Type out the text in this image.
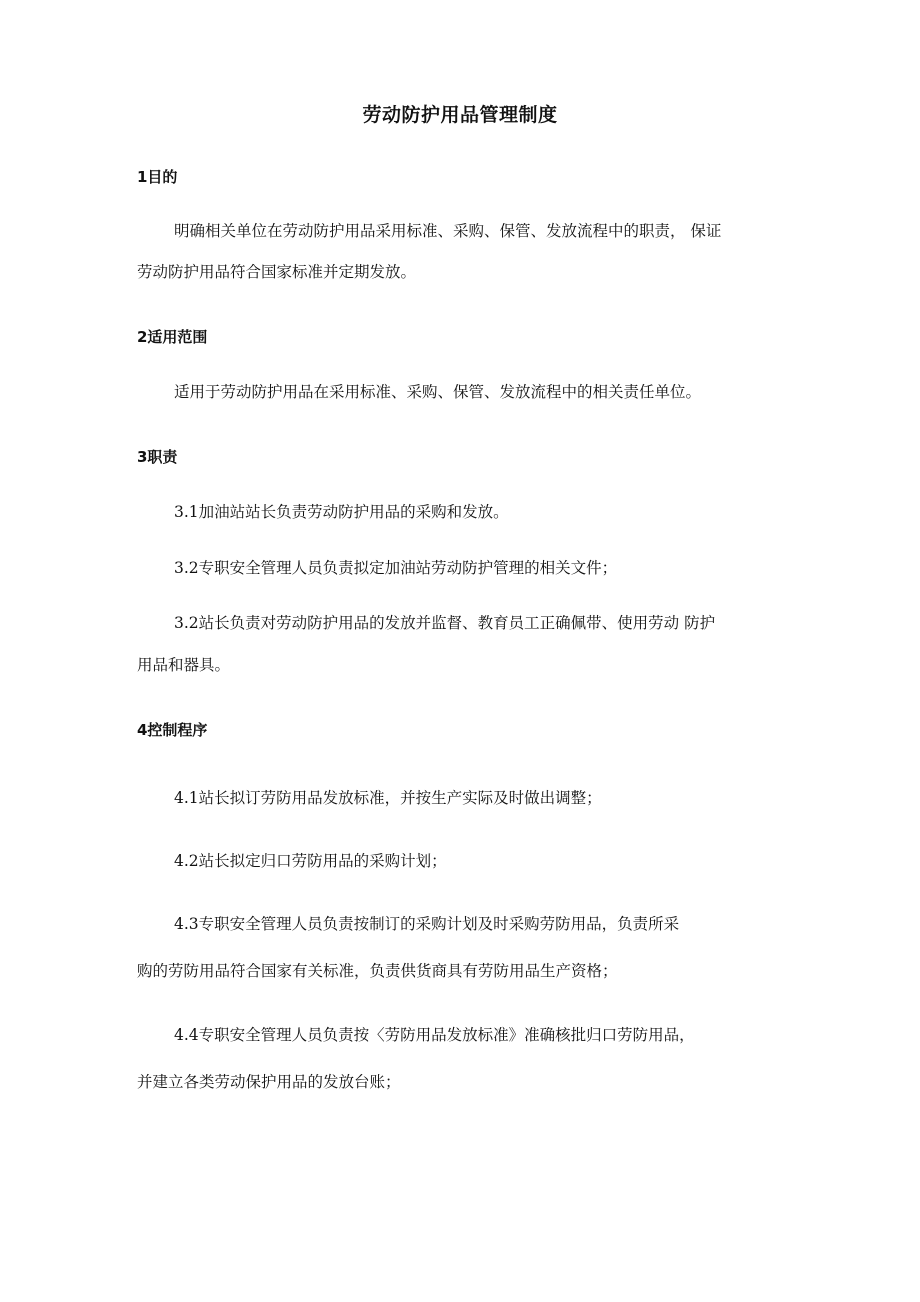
劳动防护用品管理制度
1目的
明确相关单位在劳动防护用品采用标准、采购、保管、发放流程中的职责， 保证
劳动防护用品符合国家标准并定期发放。
2适用范围
适用于劳动防护用品在采用标准、采购、保管、发放流程中的相关责任单位。
3职责
3.1加油站站长负责劳动防护用品的采购和发放。
3.2专职安全管理人员负责拟定加油站劳动防护管理的相关文件；
3.2站长负责对劳动防护用品的发放并监督、教育员工正确佩带、使用劳动 防护
用品和器具。
4控制程序
4.1站长拟订劳防用品发放标准，并按生产实际及时做出调整；
4.2站长拟定归口劳防用品的采购计划；
4.3专职安全管理人员负责按制订的采购计划及时采购劳防用品，负责所采
购的劳防用品符合国家有关标准，负责供货商具有劳防用品生产资格；
4.4专职安全管理人员负责按〈劳防用品发放标准》准确核批归口劳防用品，
并建立各类劳动保护用品的发放台账；
